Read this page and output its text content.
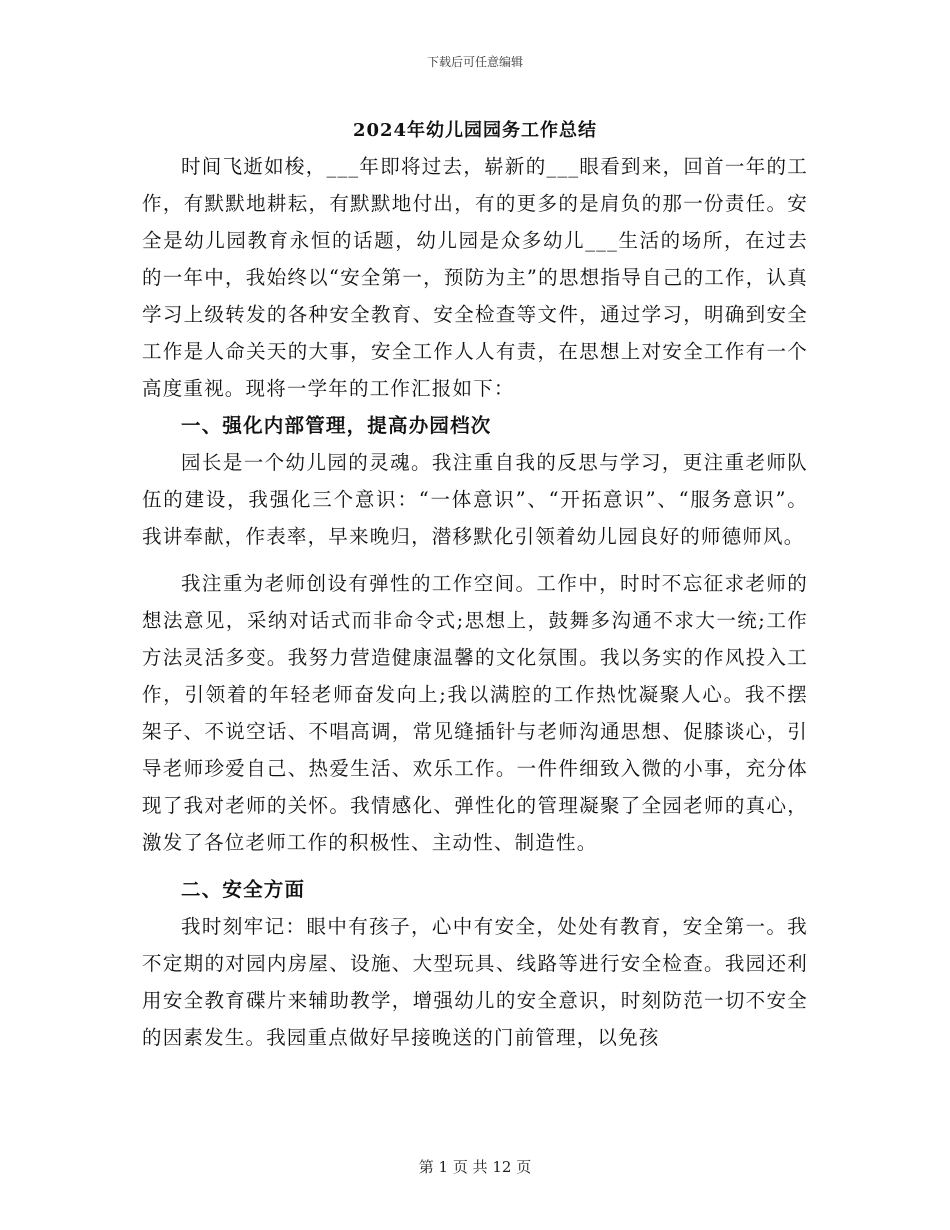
下载后可任意编辑
2024年幼儿园园务工作总结

时间飞逝如梭，___年即将过去，崭新的___眼看到来，回首一年的工作，有默默地耕耘，有默默地付出，有的更多的是肩负的那一份责任。安全是幼儿园教育永恒的话题，幼儿园是众多幼儿___生活的场所，在过去的一年中，我始终以“安全第一，预防为主”的思想指导自己的工作，认真学习上级转发的各种安全教育、安全检查等文件，通过学习，明确到安全工作是人命关天的大事，安全工作人人有责，在思想上对安全工作有一个高度重视。现将一学年的工作汇报如下：

一、强化内部管理，提高办园档次

园长是一个幼儿园的灵魂。我注重自我的反思与学习，更注重老师队伍的建设，我强化三个意识：“一体意识”、“开拓意识”、“服务意识”。我讲奉献，作表率，早来晚归，潜移默化引领着幼儿园良好的师德师风。

我注重为老师创设有弹性的工作空间。工作中，时时不忘征求老师的想法意见，采纳对话式而非命令式;思想上，鼓舞多沟通不求大一统;工作方法灵活多变。我努力营造健康温馨的文化氛围。我以务实的作风投入工作，引领着的年轻老师奋发向上;我以满腔的工作热忱凝聚人心。我不摆架子、不说空话、不唱高调，常见缝插针与老师沟通思想、促膝谈心，引导老师珍爱自己、热爱生活、欢乐工作。一件件细致入微的小事，充分体现了我对老师的关怀。我情感化、弹性化的管理凝聚了全园老师的真心，激发了各位老师工作的积极性、主动性、制造性。

二、安全方面

我时刻牢记：眼中有孩子，心中有安全，处处有教育，安全第一。我不定期的对园内房屋、设施、大型玩具、线路等进行安全检查。我园还利用安全教育碟片来辅助教学，增强幼儿的安全意识，时刻防范一切不安全的因素发生。我园重点做好早接晚送的门前管理，以免孩

第 1 页 共 12 页
